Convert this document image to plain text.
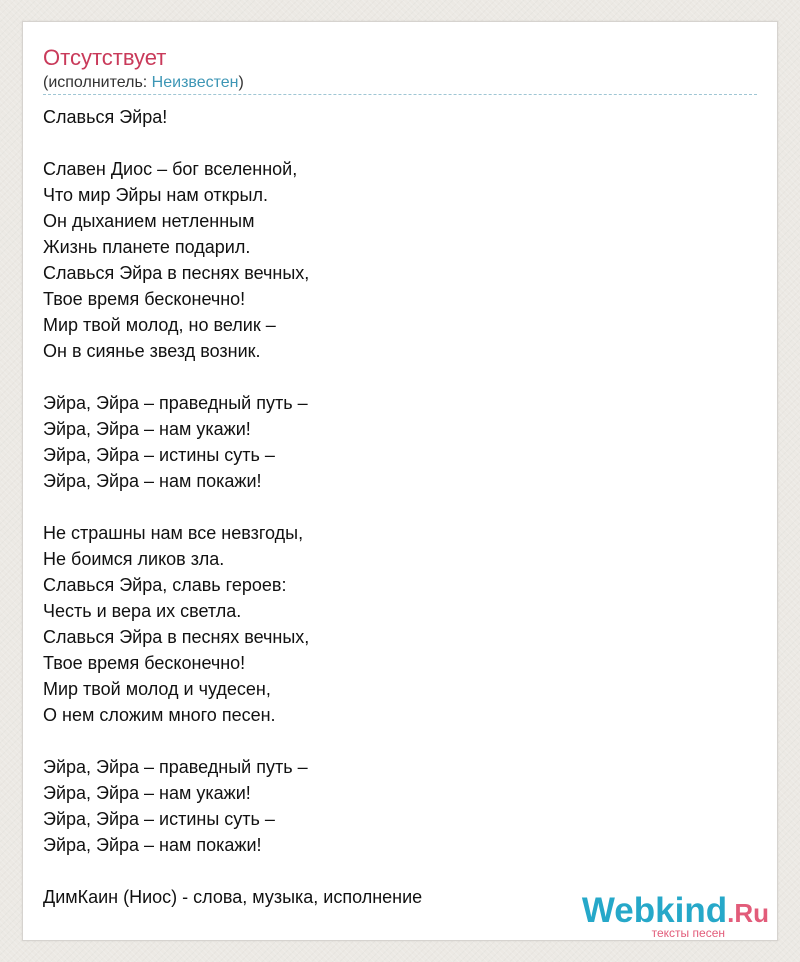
Отсутствует
(исполнитель: Неизвестен)
Славься Эйра!
Славен Диос – бог вселенной,
Что мир Эйры нам открыл.
Он дыханием нетленным
Жизнь планете подарил.
Славься Эйра в песнях вечных,
Твое время бесконечно!
Мир твой молод, но велик –
Он в сиянье звезд возник.
Эйра, Эйра – праведный путь –
Эйра, Эйра – нам укажи!
Эйра, Эйра – истины суть –
Эйра, Эйра – нам покажи!
Не страшны нам все невзгоды,
Не боимся ликов зла.
Славься Эйра, славь героев:
Честь и вера их светла.
Славься Эйра в песнях вечных,
Твое время бесконечно!
Мир твой молод и чудесен,
О нем сложим много песен.
Эйра, Эйра – праведный путь –
Эйра, Эйра – нам укажи!
Эйра, Эйра – истины суть –
Эйра, Эйра – нам покажи!
ДимКаин (Ниос) - слова, музыка, исполнение	Webkind.Ru
тексты песен
